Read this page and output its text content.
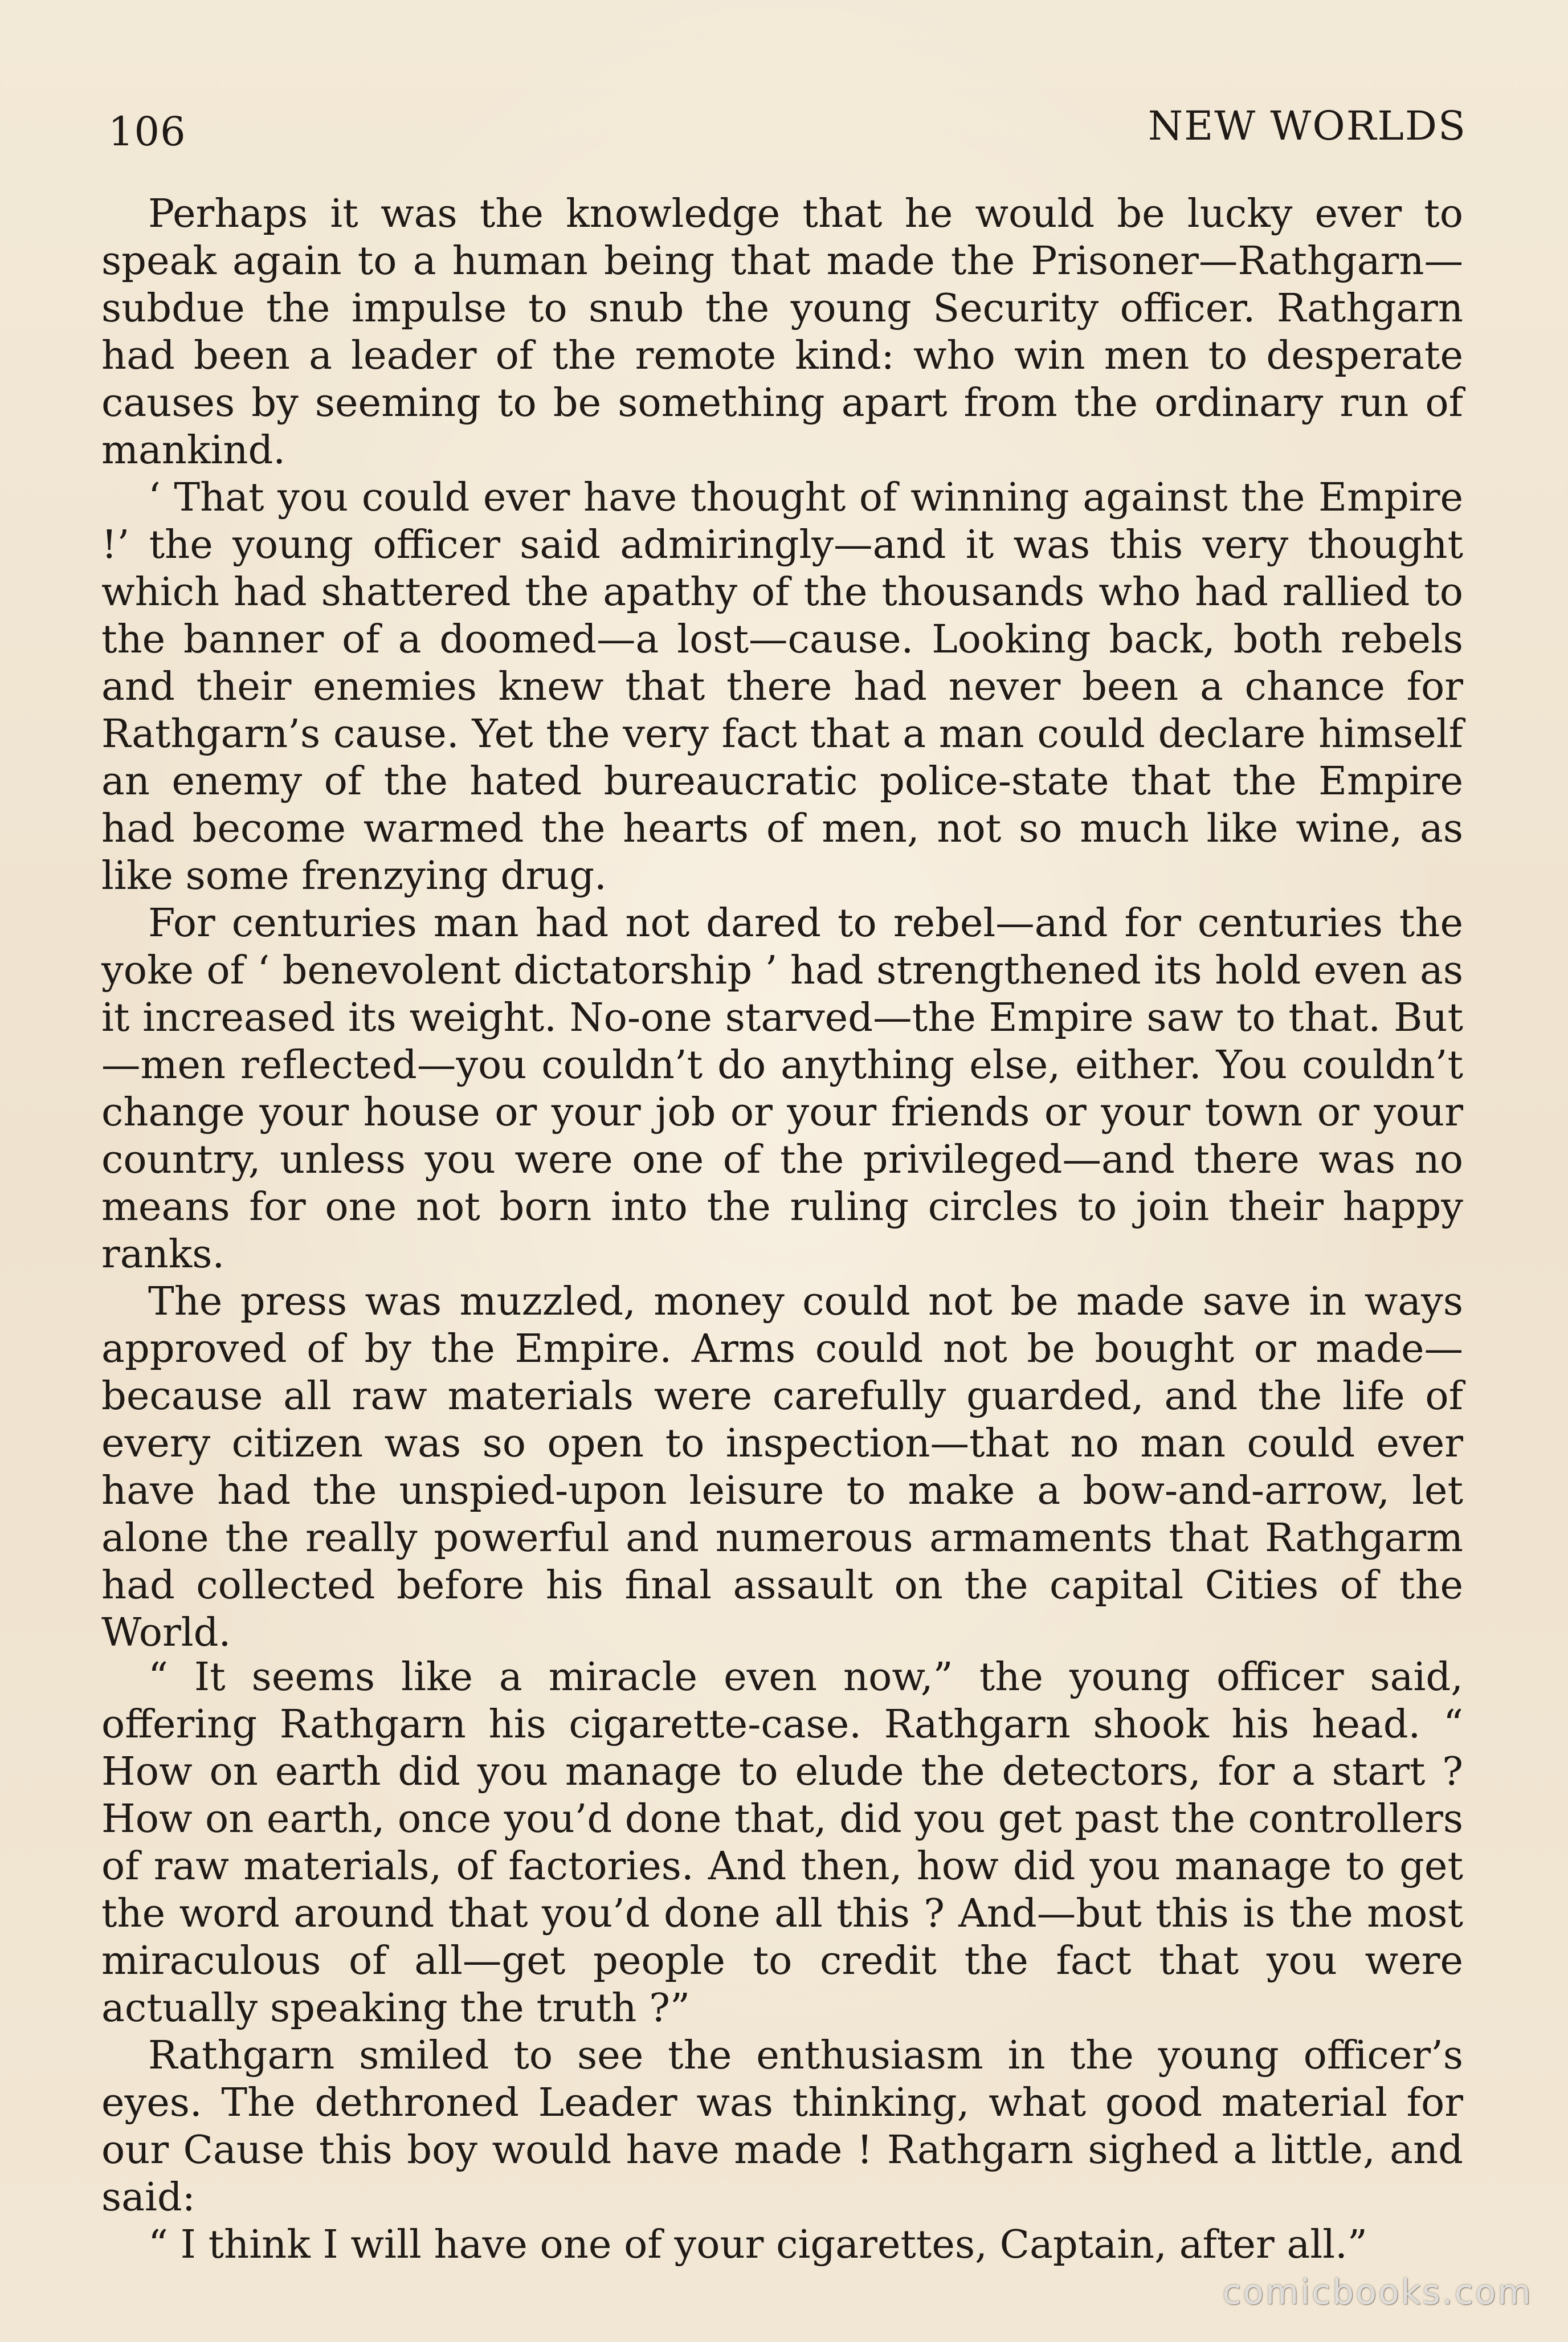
106	NEW WORLDS

Perhaps it was the knowledge that he would be lucky ever to speak again to a human being that made the Prisoner—Rathgarn—subdue the impulse to snub the young Security officer. Rathgarn had been a leader of the remote kind: who win men to desperate causes by seeming to be something apart from the ordinary run of mankind.

‘ That you could ever have thought of winning against the Empire !’ the young officer said admiringly—and it was this very thought which had shattered the apathy of the thousands who had rallied to the banner of a doomed—a lost—cause. Looking back, both rebels and their enemies knew that there had never been a chance for Rathgarn’s cause. Yet the very fact that a man could declare himself an enemy of the hated bureaucratic police-state that the Empire had become warmed the hearts of men, not so much like wine, as like some frenzying drug.

For centuries man had not dared to rebel—and for centuries the yoke of ‘ benevolent dictatorship ’ had strengthened its hold even as it increased its weight. No-one starved—the Empire saw to that. But—men reflected—you couldn’t do anything else, either. You couldn’t change your house or your job or your friends or your town or your country, unless you were one of the privileged—and there was no means for one not born into the ruling circles to join their happy ranks.

The press was muzzled, money could not be made save in ways approved of by the Empire. Arms could not be bought or made—because all raw materials were carefully guarded, and the life of every citizen was so open to inspection—that no man could ever have had the unspied-upon leisure to make a bow-and-arrow, let alone the really powerful and numerous armaments that Rathgarm had collected before his final assault on the capital Cities of the World.

“ It seems like a miracle even now,” the young officer said, offering Rathgarn his cigarette-case. Rathgarn shook his head. “ How on earth did you manage to elude the detectors, for a start ? How on earth, once you’d done that, did you get past the controllers of raw materials, of factories. And then, how did you manage to get the word around that you’d done all this ? And—but this is the most miraculous of all—get people to credit the fact that you were actually speaking the truth ?”

Rathgarn smiled to see the enthusiasm in the young officer’s eyes. The dethroned Leader was thinking, what good material for our Cause this boy would have made ! Rathgarn sighed a little, and said:

“ I think I will have one of your cigarettes, Captain, after all.”

comicbooks.com
